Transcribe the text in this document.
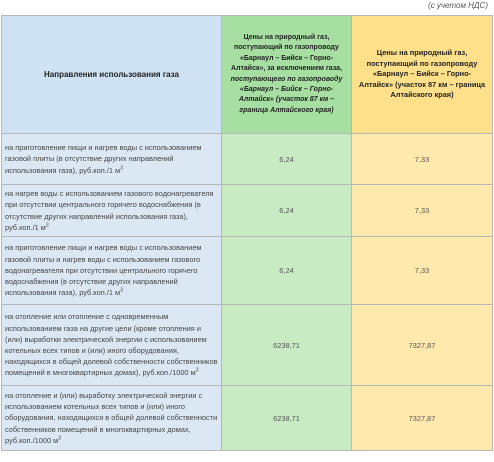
(с учетом НДС)
Направления использования газа	Цены на природный газ, поступающий по газопроводу «Барнаул – Бийск – Горно-Алтайск», за исключением газа, поступающего по газопроводу «Барнаул – Бийск – Горно-Алтайск» (участок 87 км – граница Алтайского края)	Цены на природный газ, поступающий по газопроводу «Барнаул – Бийск – Горно-Алтайск» (участок 87 км – граница Алтайского края)
на приготовление пищи и нагрев воды с использованием газовой плиты (в отсутствие других направлений использования газа), руб.коп./1 $м^3$	6,24	7,33
на нагрев воды с использованием газового водонагревателя при отсутствии центрального горячего водоснабжения (в отсутствие других направлений использования газа), руб.коп./1 $м^3$	6,24	7,33
на приготовление пищи и нагрев воды с использованием газовой плиты и нагрев воды с использованием газового водонагревателя при отсутствии центрального горячего водоснабжения (в отсутствие других направлений использования газа), руб.коп./1 $м^3$	6,24	7,33
на отопление или отопление с одновременным использованием газа на другие цели (кроме отопления и (или) выработки электрической энергии с использованием котельных всех типов и (или) иного оборудования, находящихся в общей долевой собственности собственников помещений в многоквартирных домах), руб.коп./1000 $м^3$	6238,71	7327,87
на отопление и (или) выработку электрической энергии с использованием котельных всех типов и (или) иного оборудования, находящихся в общей долевой собственности собственников помещений в многоквартирных домах, руб.коп./1000 $м^3$	6238,71	7327,87
